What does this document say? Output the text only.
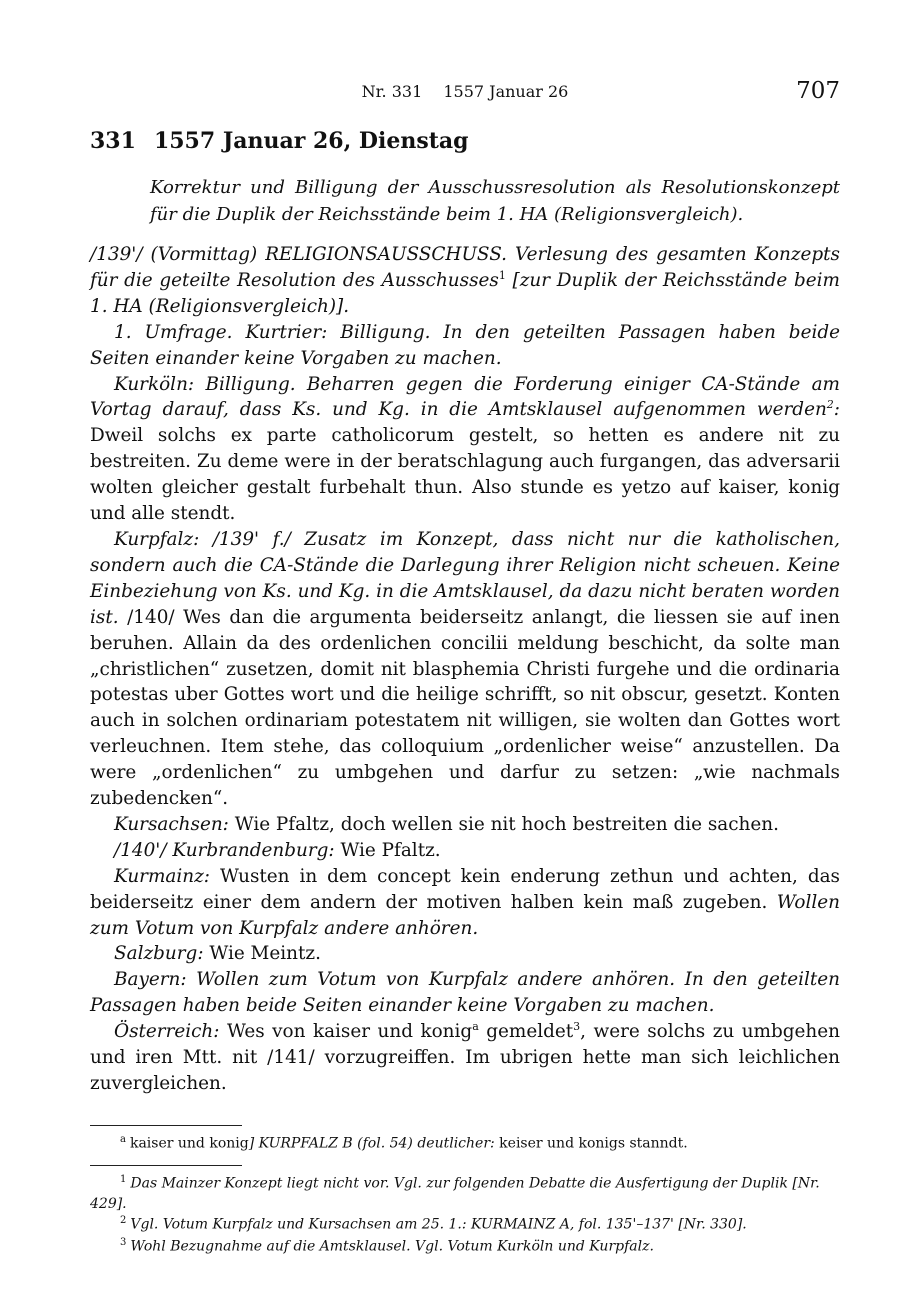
Nr. 331 1557 Januar 26	707
331 1557 Januar 26, Dienstag
Korrektur und Billigung der Ausschussresolution als Resolutionskonzept für die Duplik der Reichsstände beim 1. HA (Religionsvergleich).

/139'/ (Vormittag) RELIGIONSAUSSCHUSS. Verlesung des gesamten Konzepts für die geteilte Resolution des Ausschusses$^1$ [zur Duplik der Reichsstände beim 1. HA (Religionsvergleich)].

1. Umfrage. Kurtrier: Billigung. In den geteilten Passagen haben beide Seiten einander keine Vorgaben zu machen.

Kurköln: Billigung. Beharren gegen die Forderung einiger CA-Stände am Vortag darauf, dass Ks. und Kg. in die Amtsklausel aufgenommen werden$^2$: Dweil solchs ex parte catholicorum gestelt, so hetten es andere nit zu bestreiten. Zu deme were in der beratschlagung auch furgangen, das adversarii wolten gleicher gestalt furbehalt thun. Also stunde es yetzo auf kaiser, konig und alle stendt.

Kurpfalz: /139' f./ Zusatz im Konzept, dass nicht nur die katholischen, sondern auch die CA-Stände die Darlegung ihrer Religion nicht scheuen. Keine Einbeziehung von Ks. und Kg. in die Amtsklausel, da dazu nicht beraten worden ist. /140/ Wes dan die argumenta beiderseitz anlangt, die liessen sie auf inen beruhen. Allain da des ordenlichen concilii meldung beschicht, da solte man „christlichen“ zusetzen, domit nit blasphemia Christi furgehe und die ordinaria potestas uber Gottes wort und die heilige schrifft, so nit obscur, gesetzt. Konten auch in solchen ordinariam potestatem nit willigen, sie wolten dan Gottes wort verleuchnen. Item stehe, das colloquium „ordenlicher weise“ anzustellen. Da were „ordenlichen“ zu umbgehen und darfur zu setzen: „wie nachmals zubedencken“.

Kursachsen: Wie Pfaltz, doch wellen sie nit hoch bestreiten die sachen.

/140'/ Kurbrandenburg: Wie Pfaltz.

Kurmainz: Wusten in dem concept kein enderung zethun und achten, das beiderseitz einer dem andern der motiven halben kein maß zugeben. Wollen zum Votum von Kurpfalz andere anhören.

Salzburg: Wie Meintz.

Bayern: Wollen zum Votum von Kurpfalz andere anhören. In den geteilten Passagen haben beide Seiten einander keine Vorgaben zu machen.

Österreich: Wes von kaiser und konig$^a$ gemeldet$^3$, were solchs zu umbgehen und iren Mtt. nit /141/ vorzugreiffen. Im ubrigen hette man sich leichlichen zuvergleichen.

$^a$ kaiser und konig] KURPFALZ B (fol. 54) deutlicher: keiser und konigs stanndt.
$^1$ Das Mainzer Konzept liegt nicht vor. Vgl. zur folgenden Debatte die Ausfertigung der Duplik [Nr. 429].
$^2$ Vgl. Votum Kurpfalz und Kursachsen am 25. 1.: KURMAINZ A, fol. 135'–137' [Nr. 330].
$^3$ Wohl Bezugnahme auf die Amtsklausel. Vgl. Votum Kurköln und Kurpfalz.
